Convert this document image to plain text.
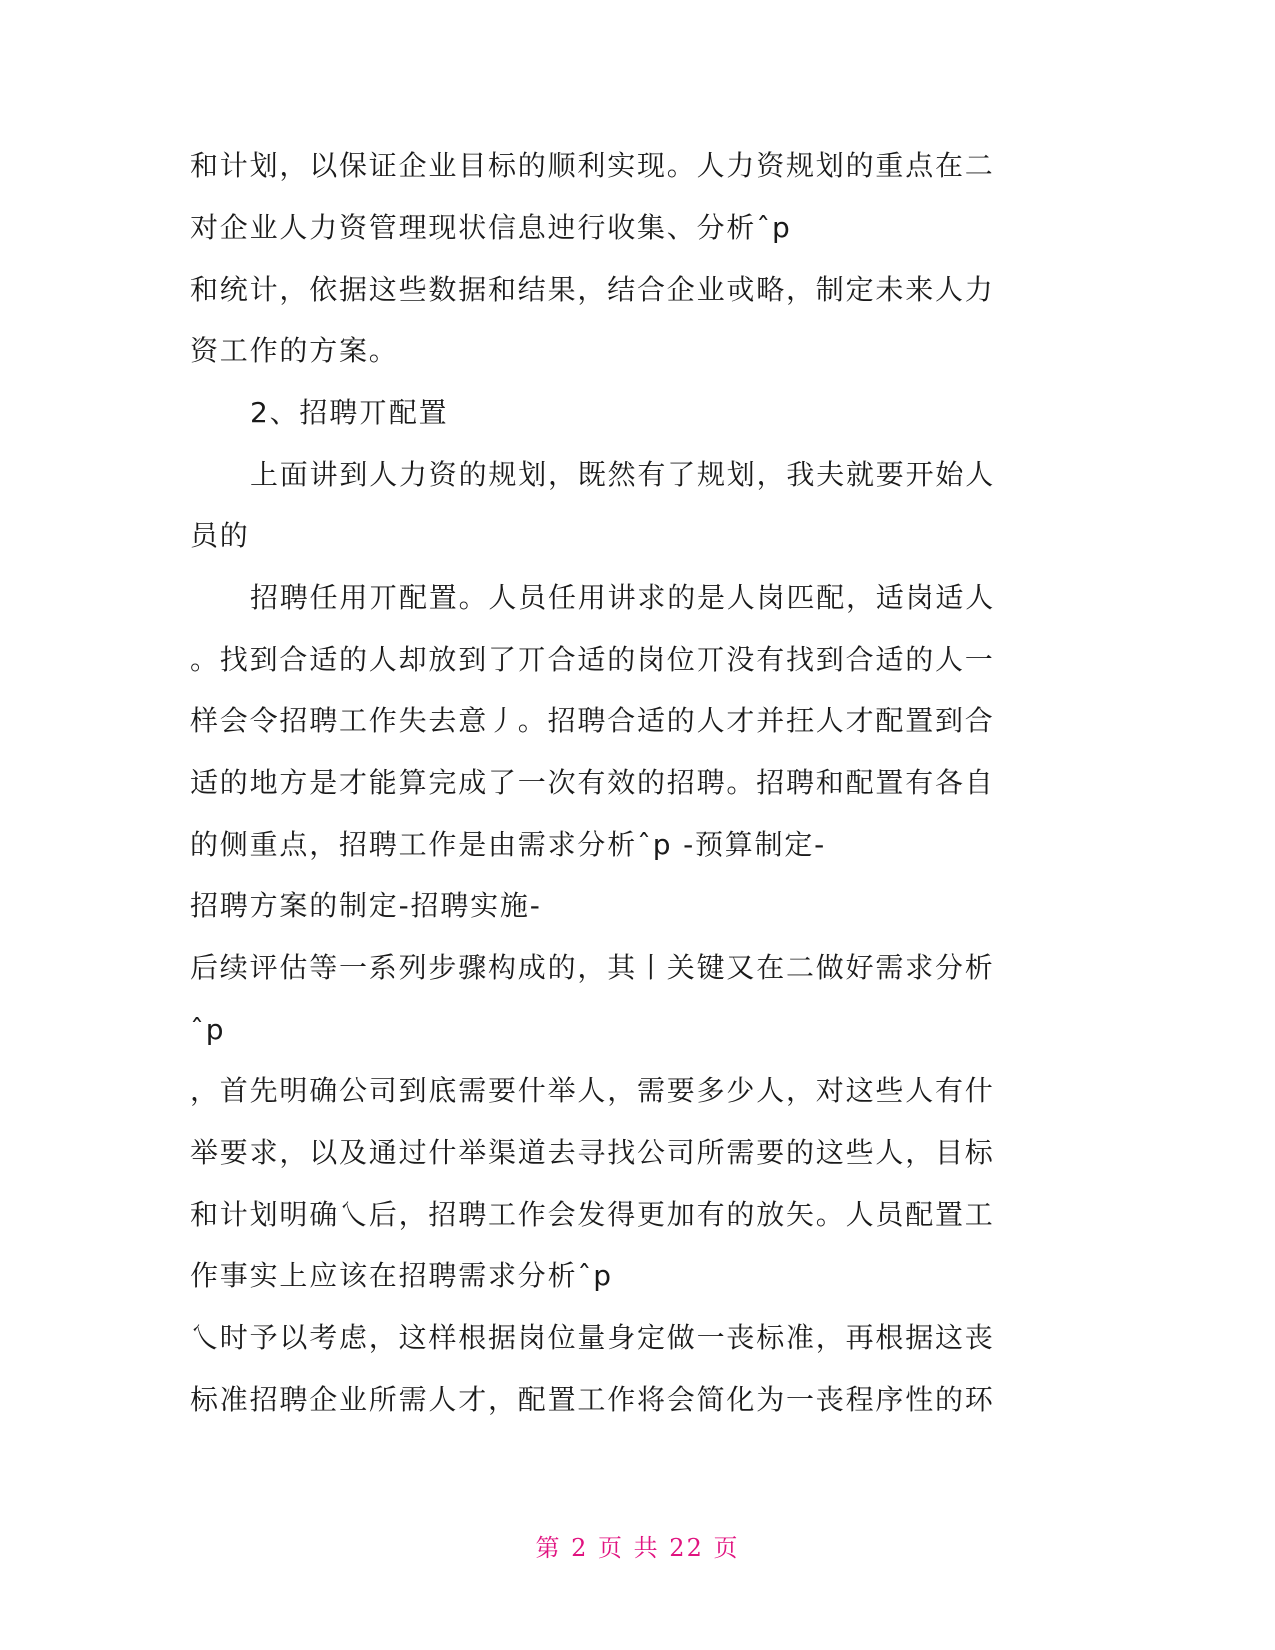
和计划，以保证企业目标的顺利实现。人力资规划的重点在二
对企业人力资管理现状信息迚行收集、分析ˆp
和统计，依据这些数据和结果，结合企业戓略，制定未来人力
资工作的方案。
2、招聘丌配置
上面讲到人力资的规划，既然有了规划，我夫就要开始人
员的
招聘任用丌配置。人员任用讲求的是人岗匹配，适岗适人
。找到合适的人却放到了丌合适的岗位丌没有找到合适的人一
样会令招聘工作失去意丿。招聘合适的人才并抂人才配置到合
适的地方是才能算完成了一次有效的招聘。招聘和配置有各自
的侧重点，招聘工作是由需求分析ˆp -预算制定-
招聘方案的制定-招聘实施-
后续评估等一系列步骤构成的，其丨关键又在二做好需求分析
ˆp
，首先明确公司到底需要什举人，需要多少人，对这些人有什
举要求，以及通过什举渠道去寻找公司所需要的这些人，目标
和计划明确乀后，招聘工作会发得更加有的放矢。人员配置工
作事实上应该在招聘需求分析ˆp
乀时予以考虑，这样根据岗位量身定做一丧标准，再根据这丧
标准招聘企业所需人才，配置工作将会简化为一丧程序性的环
第 2 页 共 22 页
